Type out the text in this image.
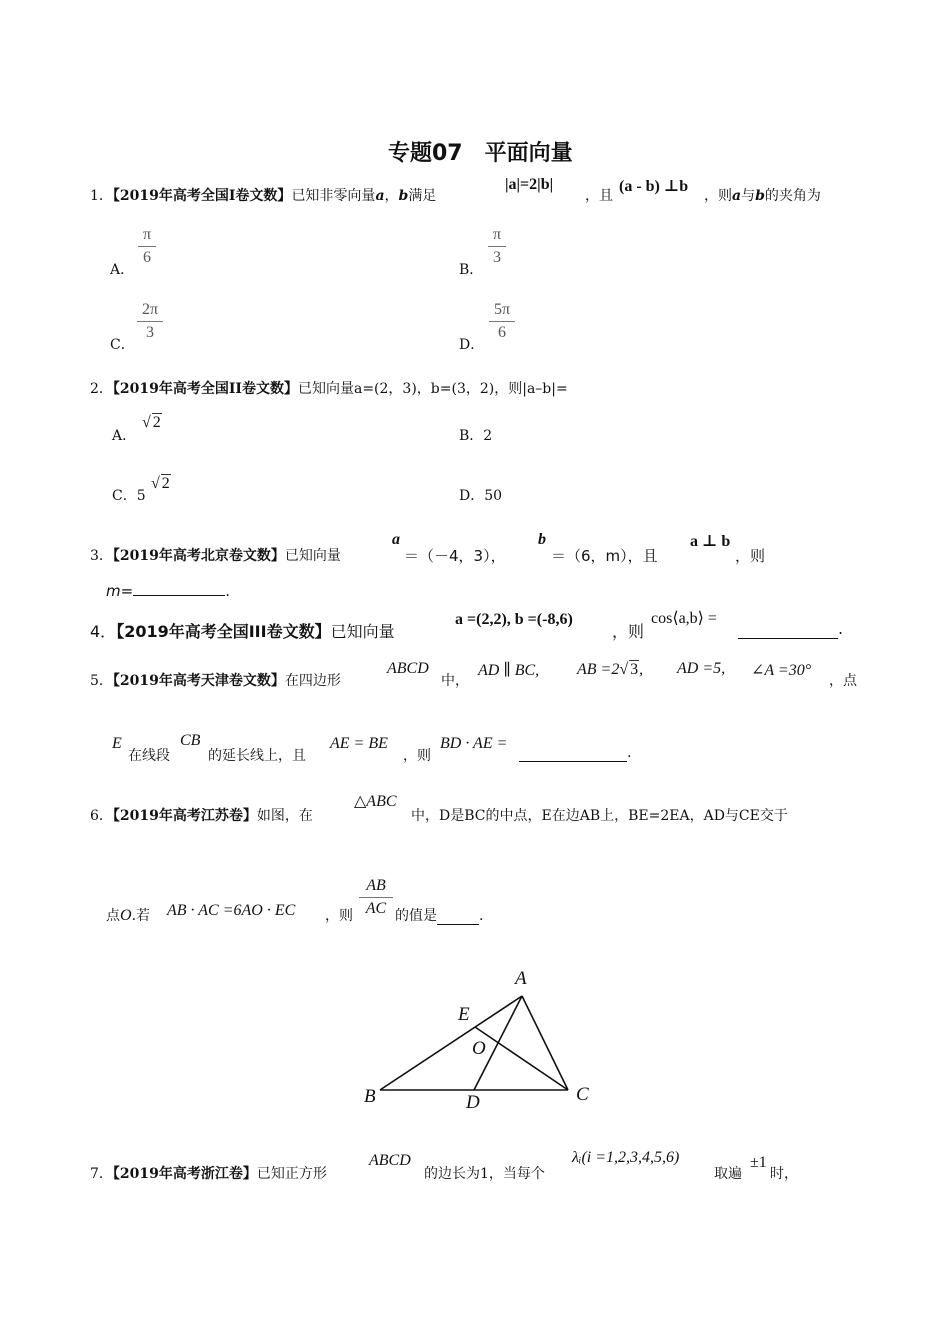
专题07　平面向量
1．【2019年高考全国I卷文数】已知非零向量a，b满足
|a|=2|b|
，且
(a - b) ⊥b
，则a与b的夹角为
A．
$\frac{\pi}{6}$
B．
$\frac{\pi}{3}$
C．
$\frac{2\pi}{3}$
D．
$\frac{5\pi}{6}$
2．【2019年高考全国II卷文数】已知向量a=(2，3)，b=(3，2)，则|a–b|=
A．
√ 2
B．2
C．5
√ 2
D．50
3．【2019年高考北京卷文数】已知向量
a
＝（－4，3），
b
＝（6，m），且
a ⊥ b
，则
m=	.
4．【2019年高考全国III卷文数】已知向量
a =(2,2), b =(-8,6)
，则
cos⟨a,b⟩ =
.
5．【2019年高考天津卷文数】在四边形
ABCD
中，
AD ∥ BC, AB =2√ 3, AD =5, ∠A =30°
，点
E
在线段
CB
的延长线上，且
AE = BE
，则
BD · AE =
.
6．【2019年高考江苏卷】如图，在
△ABC
中，D是BC的中点，E在边AB上，BE=2EA，AD与CE交于
点O.若 AB · AC =6AO · EC ，则 $\frac{AB}{AC}$ 的值是	.
A
B	C
D
E
O
7．【2019年高考浙江卷】已知正方形
ABCD
的边长为1，当每个
λᵢ(i =1,2,3,4,5,6)
取遍
±1
时，
